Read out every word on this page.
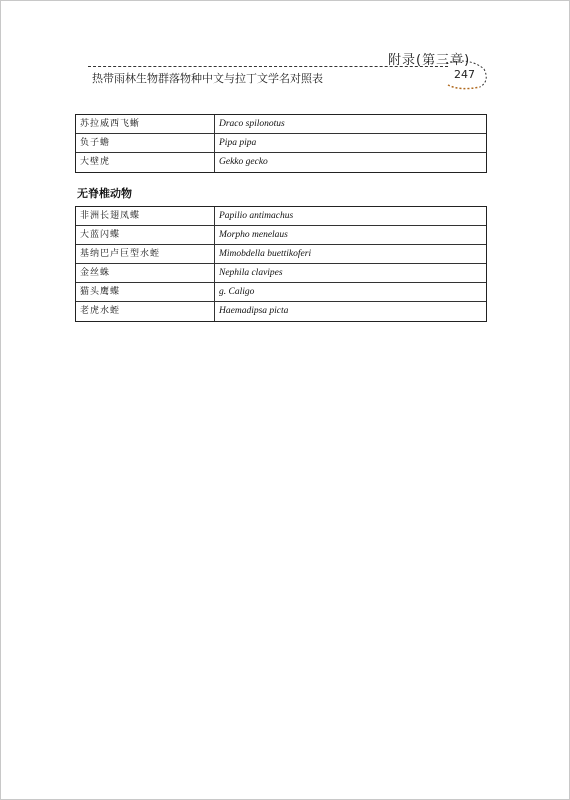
附录(第三章)
热带雨林生物群落物种中文与拉丁文学名对照表	247
苏拉威西飞蜥	Draco spilonotus
负子蟾	Pipa pipa
大壁虎	Gekko gecko
无脊椎动物
非洲长翅凤蝶	Papilio antimachus
大蓝闪蝶	Morpho menelaus
基纳巴卢巨型水蛭	Mimobdella buettikoferi
金丝蛛	Nephila clavipes
猫头鹰蝶	g. Caligo
老虎水蛭	Haemadipsa picta
